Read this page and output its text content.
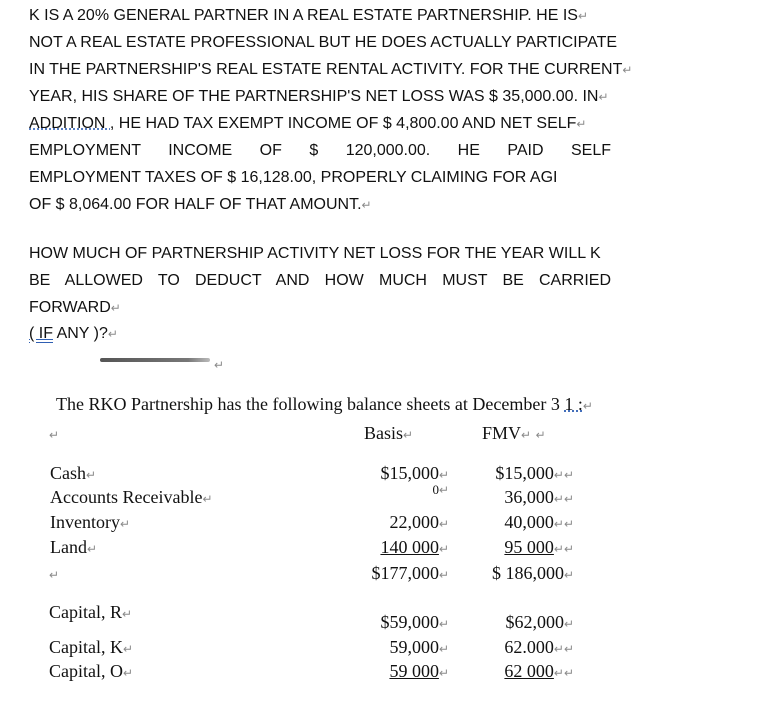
K IS A 20% GENERAL PARTNER IN A REAL ESTATE PARTNERSHIP. HE IS↵
NOT A REAL ESTATE PROFESSIONAL BUT HE DOES ACTUALLY PARTICIPATE
IN THE PARTNERSHIP'S REAL ESTATE RENTAL ACTIVITY. FOR THE CURRENT↵
YEAR, HIS SHARE OF THE PARTNERSHIP'S NET LOSS WAS $ 35,000.00. IN↵
ADDITION , HE HAD TAX EXEMPT INCOME OF $ 4,800.00 AND NET SELF↵
EMPLOYMENT INCOME OF $ 120,000.00. HE PAID SELF
EMPLOYMENT TAXES OF $ 16,128.00, PROPERLY CLAIMING FOR AGI
OF $ 8,064.00 FOR HALF OF THAT AMOUNT.↵
HOW MUCH OF PARTNERSHIP ACTIVITY NET LOSS FOR THE YEAR WILL K
BE ALLOWED TO DEDUCT AND HOW MUCH MUST BE CARRIED
FORWARD↵
( IF ANY )?↵
↵
The RKO Partnership has the following balance sheets at December 3 1 :↵
↵	Basis↵	FMV↵ ↵
Cash↵
Accounts Receivable↵
Inventory↵
Land↵
↵
$15,000↵
0↵
22,000↵
140 000↵
$177,000↵
$15,000↵↵
36,000↵↵
40,000↵↵
95 000↵↵
$ 186,000↵
Capital, R↵
Capital, K↵
Capital, O↵
$59,000↵
59,000↵
59 000↵
$62,000↵
62.000↵↵
62 000↵↵
